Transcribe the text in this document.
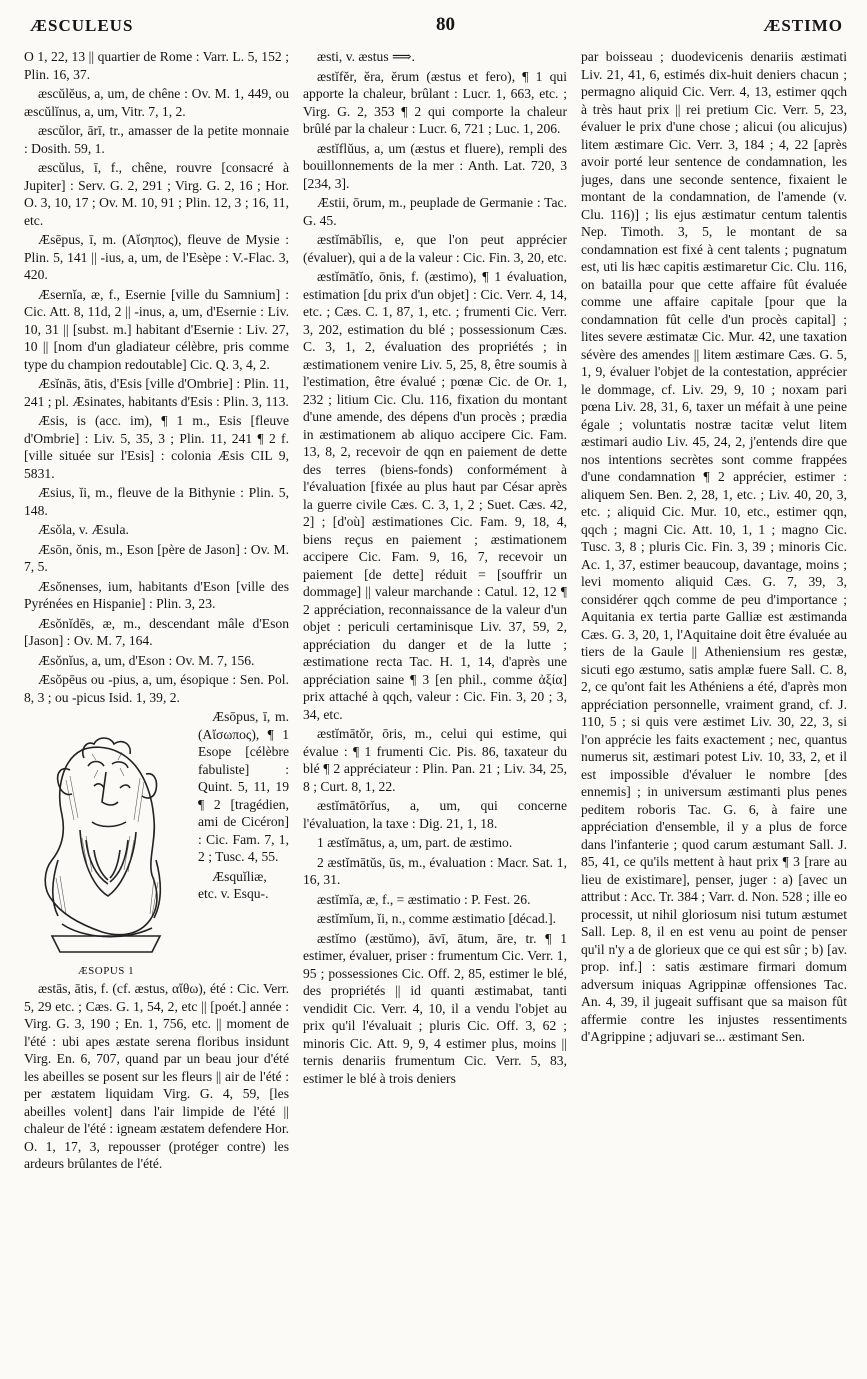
ÆSCULEUS	80	ÆSTIMO

O 1, 22, 13 || quartier de Rome : Varr. L. 5, 152 ; Plin. 16, 37.

æscŭlĕus, a, um, de chêne : Ov. M. 1, 449, ou æscŭlĭnus, a, um, Vitr. 7, 1, 2.

æscŭlor, ārī, tr., amasser de la petite monnaie : Dosith. 59, 1.

æscŭlus, ī, f., chêne, rouvre [consacré à Jupiter] : Serv. G. 2, 291 ; Virg. G. 2, 16 ; Hor. O. 3, 10, 17 ; Ov. M. 10, 91 ; Plin. 12, 3 ; 16, 11, etc.

Æsēpus, ī, m. (Αἴσηπος), fleuve de Mysie : Plin. 5, 141 || -ius, a, um, de l'Esèpe : V.-Flac. 3, 420.

Æsernĭa, æ, f., Esernie [ville du Samnium] : Cic. Att. 8, 11d, 2 || -inus, a, um, d'Esernie : Liv. 10, 31 || [subst. m.] habitant d'Esernie : Liv. 27, 10 || [nom d'un gladiateur célèbre, pris comme type du champion redoutable] Cic. Q. 3, 4, 2.

Æsĭnās, ātis, d'Esis [ville d'Ombrie] : Plin. 11, 241 ; pl. Æsinates, habitants d'Esis : Plin. 3, 113.

Æsis, is (acc. im), ¶ 1 m., Esis [fleuve d'Ombrie] : Liv. 5, 35, 3 ; Plin. 11, 241 ¶ 2 f. [ville située sur l'Esis] : colonia Æsis CIL 9, 5831.

Æsius, ĭi, m., fleuve de la Bithynie : Plin. 5, 148.

Æsŏla, v. Æsula.

Æsōn, ŏnis, m., Eson [père de Jason] : Ov. M. 7, 5.

Æsŏnenses, ium, habitants d'Eson [ville des Pyrénées en Hispanie] : Plin. 3, 23.

Æsŏnĭdēs, æ, m., descendant mâle d'Eson [Jason] : Ov. M. 7, 164.

Æsŏnĭus, a, um, d'Eson : Ov. M. 7, 156.

Æsŏpēus ou -pius, a, um, ésopique : Sen. Pol. 8, 3 ; ou -picus Isid. 1, 39, 2.

ÆSOPUS 1

Æsōpus, ī, m. (Αἴσωπος), ¶ 1 Esope [célèbre fabuliste] : Quint. 5, 11, 19 ¶ 2 [tragédien, ami de Cicéron] : Cic. Fam. 7, 1, 2 ; Tusc. 4, 55.

Æsquĭliæ, etc. v. Esqu-.

æstās, ātis, f. (cf. æstus, αἴθω), été : Cic. Verr. 5, 29 etc. ; Cæs. G. 1, 54, 2, etc || [poét.] année : Virg. G. 3, 190 ; En. 1, 756, etc. || moment de l'été : ubi apes æstate serena floribus insidunt Virg. En. 6, 707, quand par un beau jour d'été les abeilles se posent sur les fleurs || air de l'été : per æstatem liquidam Virg. G. 4, 59, [les abeilles volent] dans l'air limpide de l'été || chaleur de l'été : igneam æstatem defendere Hor. O. 1, 17, 3, repousser (protéger contre) les ardeurs brûlantes de l'été.

æsti, v. æstus ⟹.

æstĭfĕr, ĕra, ĕrum (æstus et fero), ¶ 1 qui apporte la chaleur, brûlant : Lucr. 1, 663, etc. ; Virg. G. 2, 353 ¶ 2 qui comporte la chaleur brûlé par la chaleur : Lucr. 6, 721 ; Luc. 1, 206.

æstĭflŭus, a, um (æstus et fluere), rempli des bouillonnements de la mer : Anth. Lat. 720, 3 [234, 3].

Æstii, ōrum, m., peuplade de Germanie : Tac. G. 45.

æstĭmābĭlis, e, que l'on peut apprécier (évaluer), qui a de la valeur : Cic. Fin. 3, 20, etc.

æstĭmātĭo, ōnis, f. (æstimo), ¶ 1 évaluation, estimation [du prix d'un objet] : Cic. Verr. 4, 14, etc. ; Cæs. C. 1, 87, 1, etc. ; frumenti Cic. Verr. 3, 202, estimation du blé ; possessionum Cæs. C. 3, 1, 2, évaluation des propriétés ; in æstimationem venire Liv. 5, 25, 8, être soumis à l'estimation, être évalué ; pœnæ Cic. de Or. 1, 232 ; litium Cic. Clu. 116, fixation du montant d'une amende, des dépens d'un procès ; prædia in æstimationem ab aliquo accipere Cic. Fam. 13, 8, 2, recevoir de qqn en paiement de dette des terres (biens-fonds) conformément à l'évaluation [fixée au plus haut par César après la guerre civile Cæs. C. 3, 1, 2 ; Suet. Cæs. 42, 2] ; [d'où] æstimationes Cic. Fam. 9, 18, 4, biens reçus en paiement ; æstimationem accipere Cic. Fam. 9, 16, 7, recevoir un paiement [de dette] réduit = [souffrir un dommage] || valeur marchande : Catul. 12, 12 ¶ 2 appréciation, reconnaissance de la valeur d'un objet : periculi certaminisque Liv. 37, 59, 2, appréciation du danger et de la lutte ; æstimatione recta Tac. H. 1, 14, d'après une appréciation saine ¶ 3 [en phil., comme ἀξία] prix attaché à qqch, valeur : Cic. Fin. 3, 20 ; 3, 34, etc.

æstĭmātŏr, ōris, m., celui qui estime, qui évalue : ¶ 1 frumenti Cic. Pis. 86, taxateur du blé ¶ 2 appréciateur : Plin. Pan. 21 ; Liv. 34, 25, 8 ; Curt. 8, 1, 22.

æstĭmātōrĭus, a, um, qui concerne l'évaluation, la taxe : Dig. 21, 1, 18.

1 æstĭmātus, a, um, part. de æstimo.

2 æstĭmātŭs, ūs, m., évaluation : Macr. Sat. 1, 16, 31.

æstĭmĭa, æ, f., = æstimatio : P. Fest. 26.

æstĭmĭum, ĭi, n., comme æstimatio [décad.].

æstĭmo (æstŭmo), āvī, ātum, āre, tr. ¶ 1 estimer, évaluer, priser : frumentum Cic. Verr. 1, 95 ; possessiones Cic. Off. 2, 85, estimer le blé, des propriétés || id quanti æstimabat, tanti vendidit Cic. Verr. 4, 10, il a vendu l'objet au prix qu'il l'évaluait ; pluris Cic. Off. 3, 62 ; minoris Cic. Att. 9, 9, 4 estimer plus, moins || ternis denariis frumentum Cic. Verr. 5, 83, estimer le blé à trois deniers

par boisseau ; duodevicenis denariis æstimati Liv. 21, 41, 6, estimés dix-huit deniers chacun ; permagno aliquid Cic. Verr. 4, 13, estimer qqch à très haut prix || rei pretium Cic. Verr. 5, 23, évaluer le prix d'une chose ; alicui (ou alicujus) litem æstimare Cic. Verr. 3, 184 ; 4, 22 [après avoir porté leur sentence de condamnation, les juges, dans une seconde sentence, fixaient le montant de la condamnation, de l'amende (v. Clu. 116)] ; lis ejus æstimatur centum talentis Nep. Timoth. 3, 5, le montant de sa condamnation est fixé à cent talents ; pugnatum est, uti lis hæc capitis æstimaretur Cic. Clu. 116, on batailla pour que cette affaire fût évaluée comme une affaire capitale [pour que la condamnation fût celle d'un procès capital] ; lites severe æstimatæ Cic. Mur. 42, une taxation sévère des amendes || litem æstimare Cæs. G. 5, 1, 9, évaluer l'objet de la contestation, apprécier le dommage, cf. Liv. 29, 9, 10 ; noxam pari pœna Liv. 28, 31, 6, taxer un méfait à une peine égale ; voluntatis nostræ tacitæ velut litem æstimari audio Liv. 45, 24, 2, j'entends dire que nos intentions secrètes sont comme frappées d'une condamnation ¶ 2 apprécier, estimer : aliquem Sen. Ben. 2, 28, 1, etc. ; Liv. 40, 20, 3, etc. ; aliquid Cic. Mur. 10, etc., estimer qqn, qqch ; magni Cic. Att. 10, 1, 1 ; magno Cic. Tusc. 3, 8 ; pluris Cic. Fin. 3, 39 ; minoris Cic. Ac. 1, 37, estimer beaucoup, davantage, moins ; levi momento aliquid Cæs. G. 7, 39, 3, considérer qqch comme de peu d'importance ; Aquitania ex tertia parte Galliæ est æstimanda Cæs. G. 3, 20, 1, l'Aquitaine doit être évaluée au tiers de la Gaule || Atheniensium res gestæ, sicuti ego æstumo, satis amplæ fuere Sall. C. 8, 2, ce qu'ont fait les Athéniens a été, d'après mon appréciation personnelle, vraiment grand, cf. J. 110, 5 ; si quis vere æstimet Liv. 30, 22, 3, si l'on apprécie les faits exactement ; nec, quantus numerus sit, æstimari potest Liv. 10, 33, 2, et il est impossible d'évaluer le nombre [des ennemis] ; in universum æstimanti plus penes peditem roboris Tac. G. 6, à faire une appréciation d'ensemble, il y a plus de force dans l'infanterie ; quod carum æstumant Sall. J. 85, 41, ce qu'ils mettent à haut prix ¶ 3 [rare au lieu de existimare], penser, juger : a) [avec un attribut : Acc. Tr. 384 ; Varr. d. Non. 528 ; ille eo processit, ut nihil gloriosum nisi tutum æstumet Sall. Lep. 8, il en est venu au point de penser qu'il n'y a de glorieux que ce qui est sûr ; b) [av. prop. inf.] : satis æstimare firmari domum adversum iniquas Agrippinæ offensiones Tac. An. 4, 39, il jugeait suffisant que sa maison fût affermie contre les injustes ressentiments d'Agrippine ; adjuvari se... æstimant Sen.
